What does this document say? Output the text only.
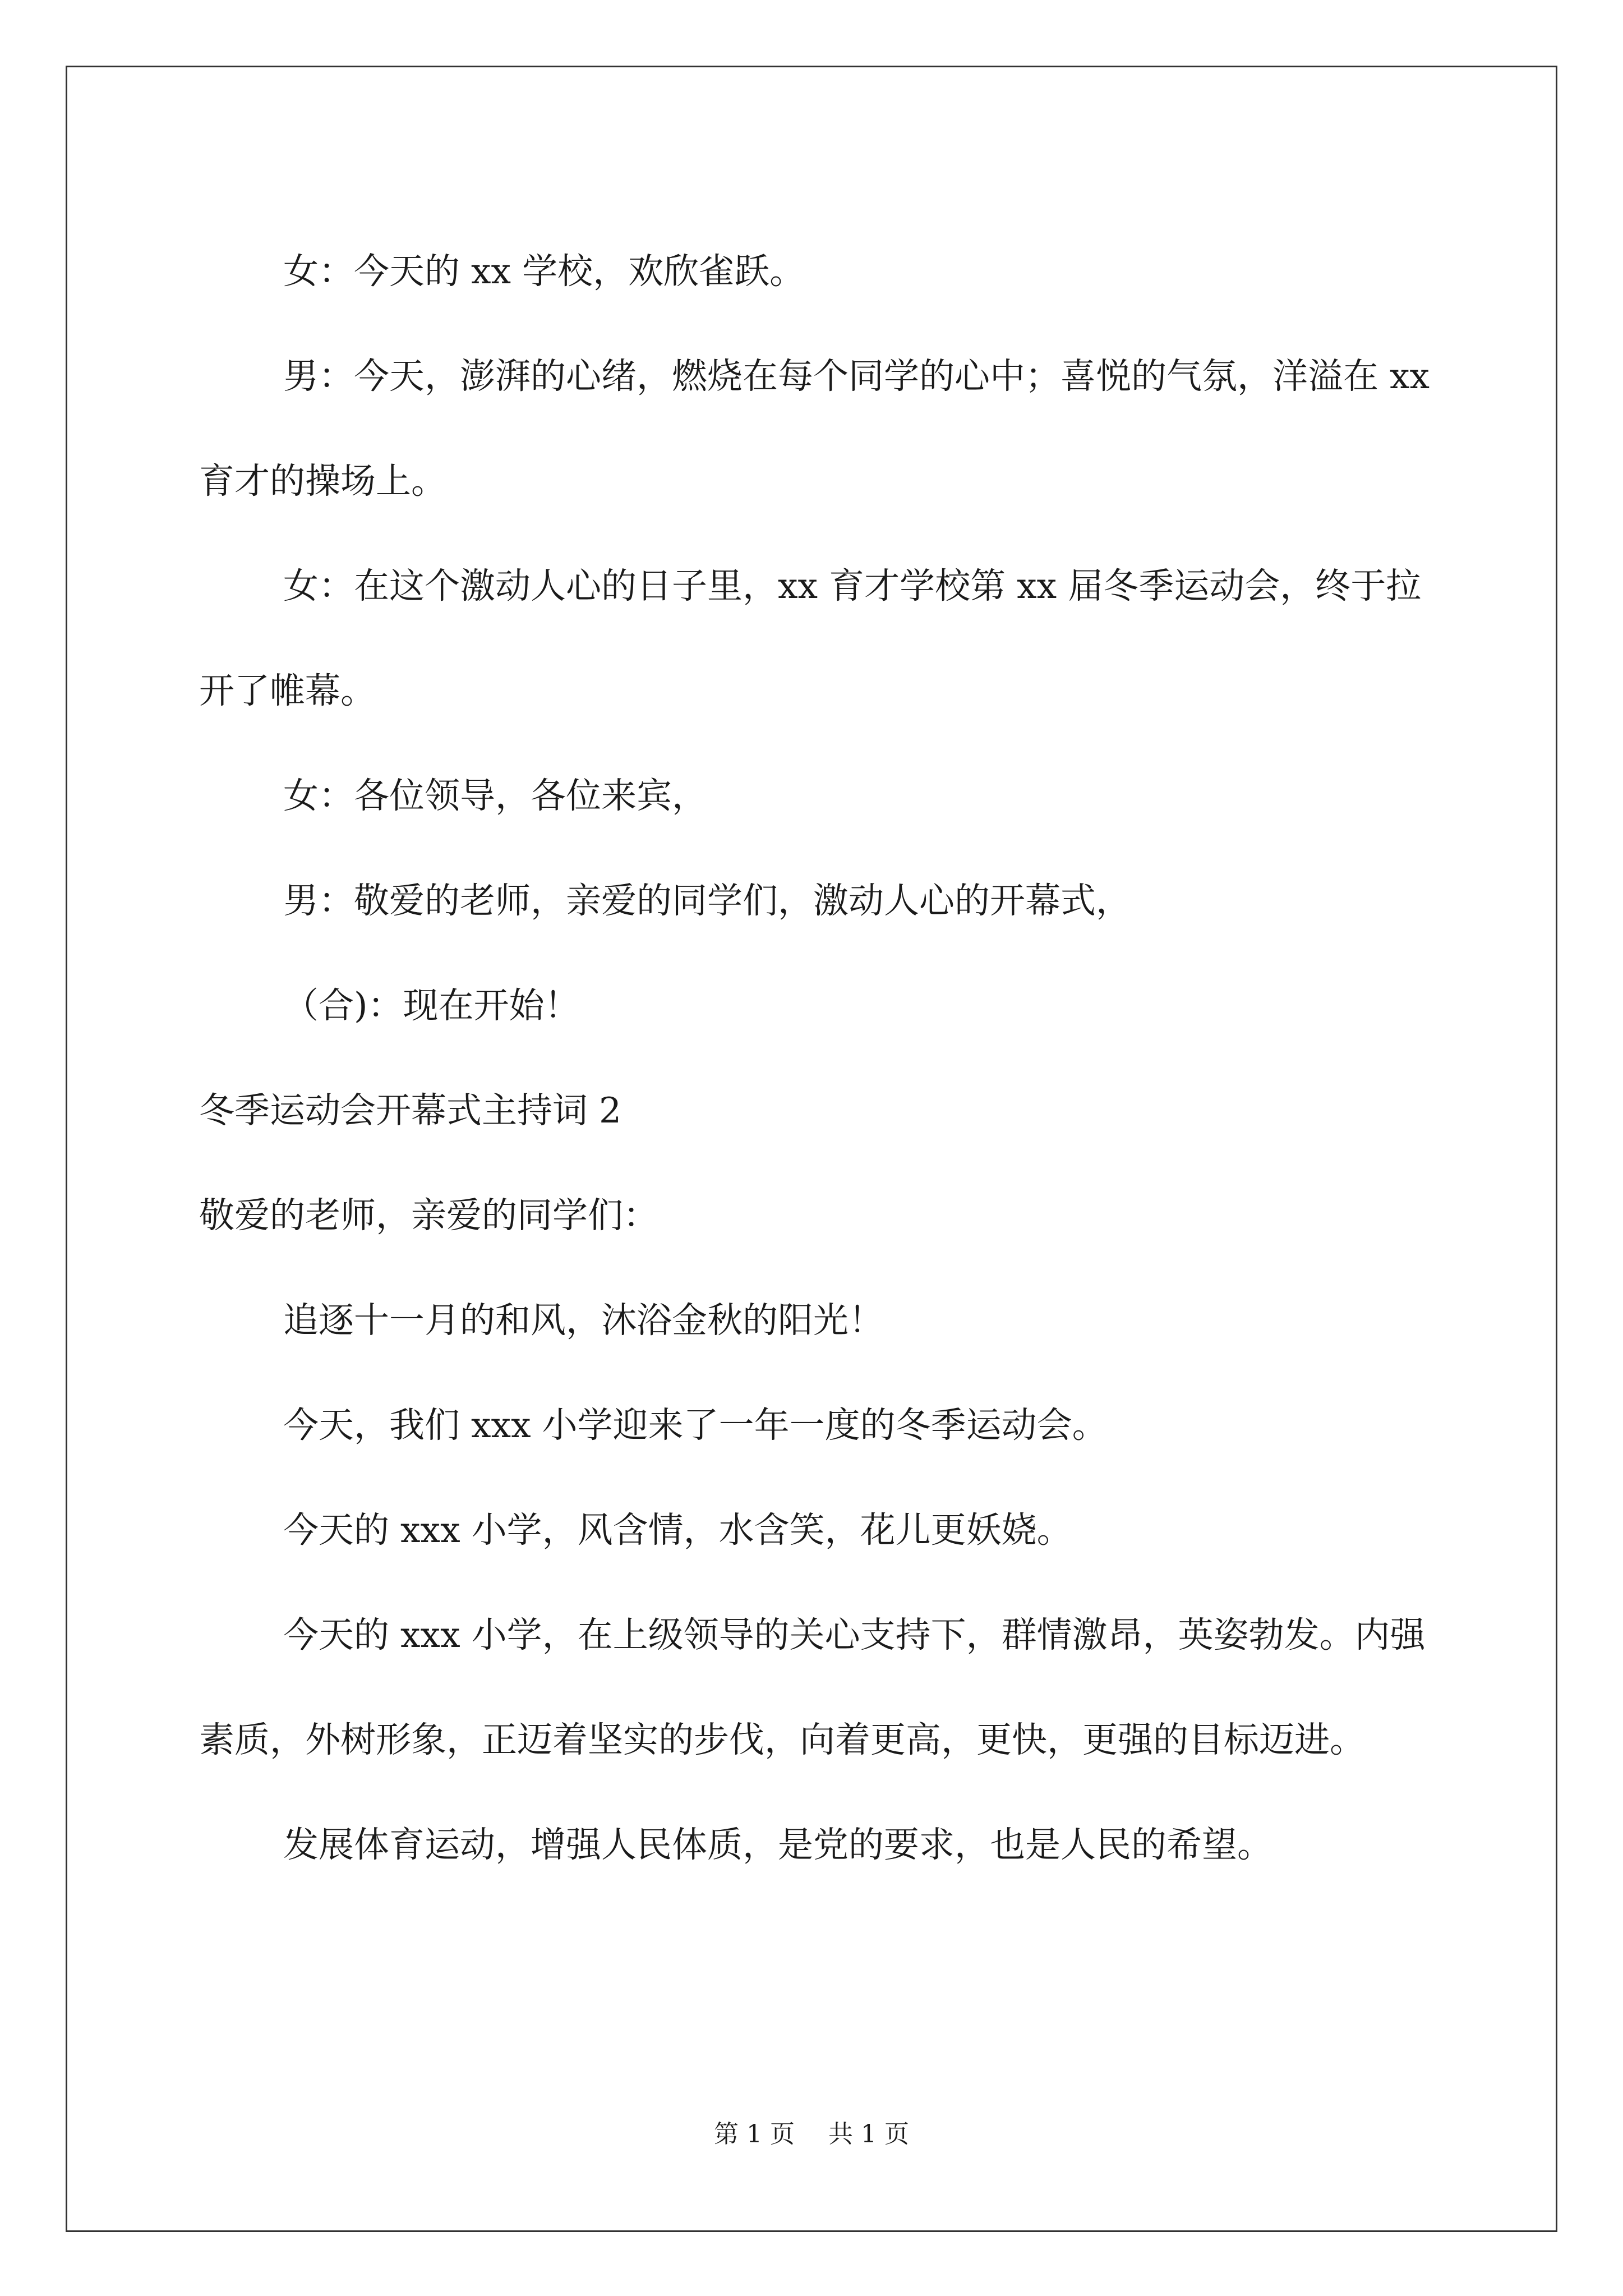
女：今天的 xx 学校，欢欣雀跃。

男：今天，澎湃的心绪，燃烧在每个同学的心中；喜悦的气氛，洋溢在 xx 育才的操场上。

女：在这个激动人心的日子里，xx 育才学校第 xx 届冬季运动会，终于拉开了帷幕。

女：各位领导，各位来宾，

男：敬爱的老师，亲爱的同学们，激动人心的开幕式，

（合)：现在开始！

冬季运动会开幕式主持词 2

敬爱的老师，亲爱的同学们：

追逐十一月的和风，沐浴金秋的阳光！

今天，我们 xxx 小学迎来了一年一度的冬季运动会。

今天的 xxx 小学，风含情，水含笑，花儿更妖娆。

今天的 xxx 小学，在上级领导的关心支持下，群情激昂，英姿勃发。内强素质，外树形象，正迈着坚实的步伐，向着更高，更快，更强的目标迈进。

发展体育运动，增强人民体质，是党的要求，也是人民的希望。

第 1 页 共 1 页
